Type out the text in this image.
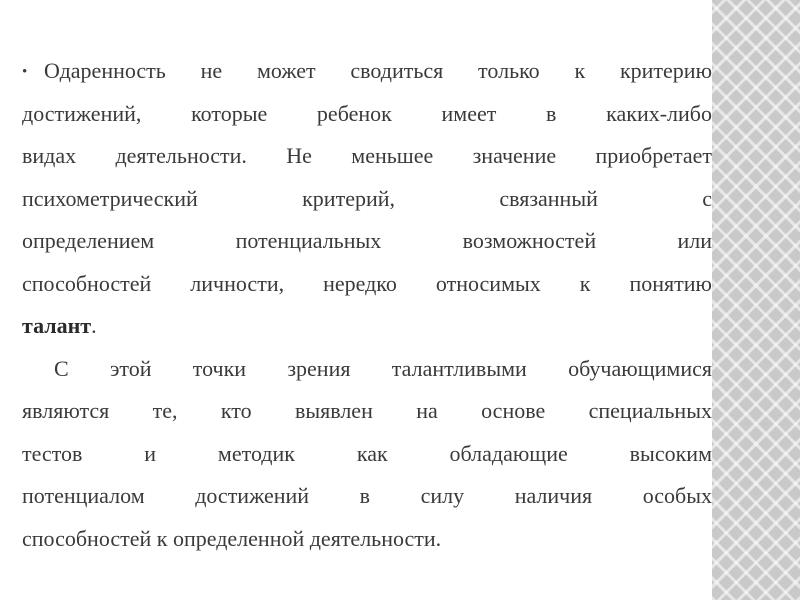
• Одаренность не может сводиться только к критерию
достижений, которые ребенок имеет в каких-либо
видах деятельности. Не меньшее значение приобретает
психометрический критерий, связанный с
определением потенциальных возможностей или
способностей личности, нередко относимых к понятию
талант.
С этой точки зрения талантливыми обучающимися
являются те, кто выявлен на основе специальных
тестов и методик как обладающие высоким
потенциалом достижений в силу наличия особых
способностей к определенной деятельности.
